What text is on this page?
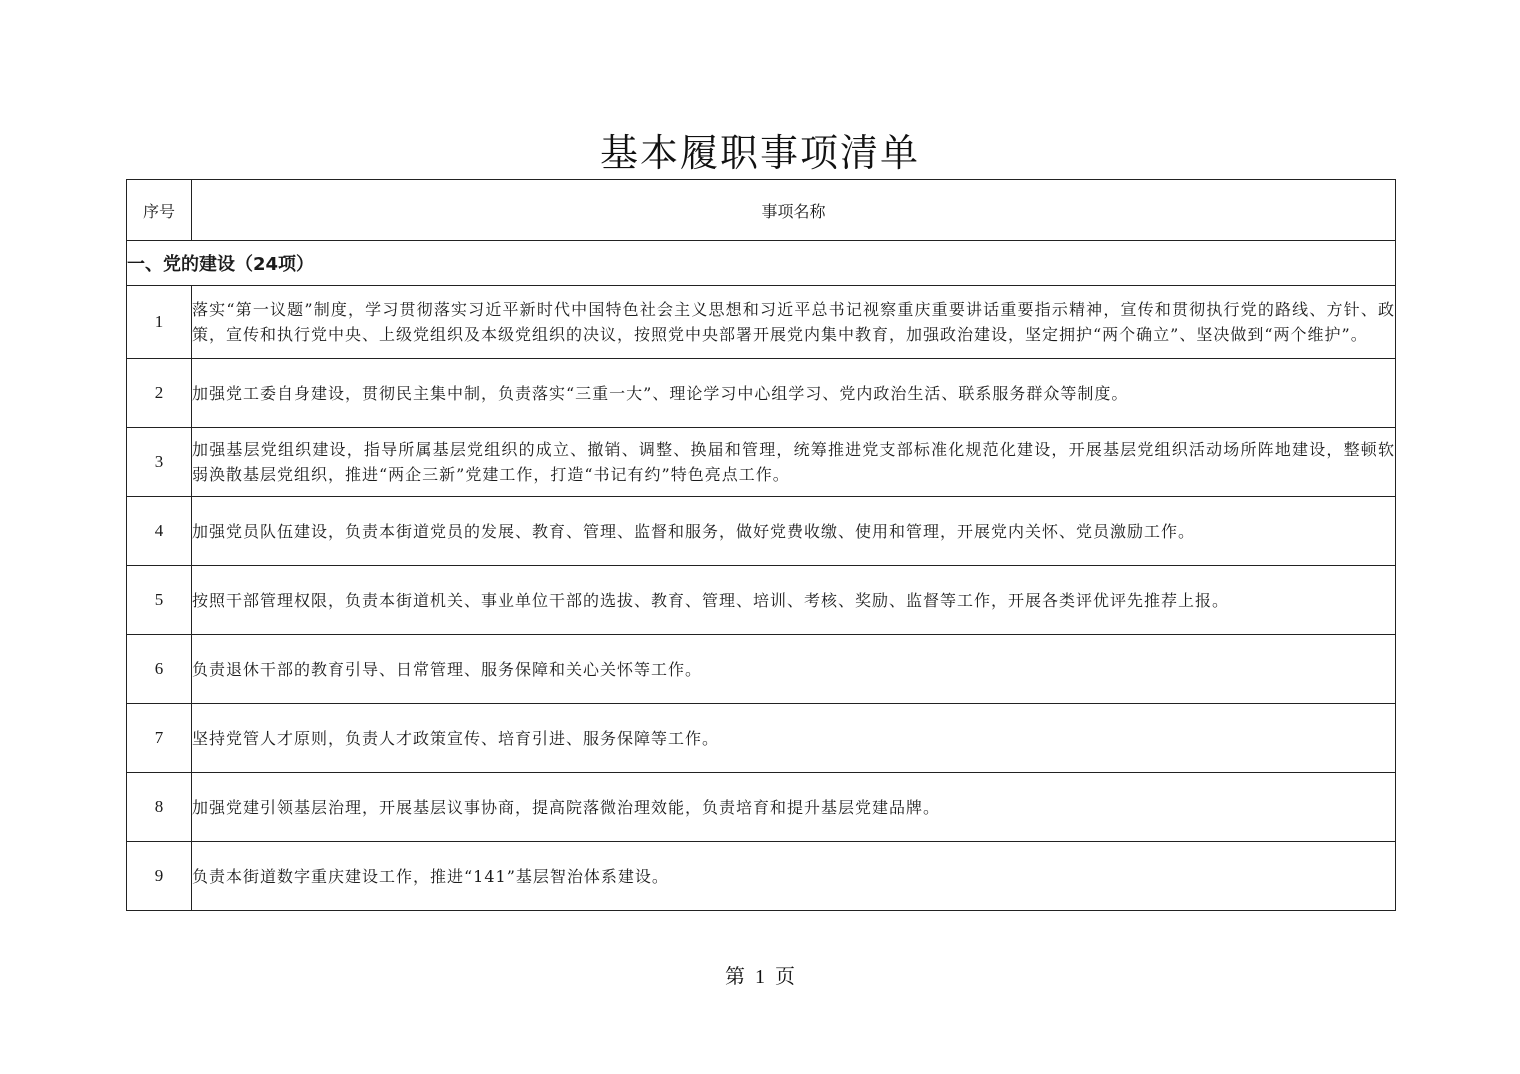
基本履职事项清单
序号	事项名称
一、党的建设（24项）	
1	落实“第一议题”制度，学习贯彻落实习近平新时代中国特色社会主义思想和习近平总书记视察重庆重要讲话重要指示精神，宣传和贯彻执行党的路线、方针、政策，宣传和执行党中央、上级党组织及本级党组织的决议，按照党中央部署开展党内集中教育，加强政治建设，坚定拥护“两个确立”、坚决做到“两个维护”。
2	加强党工委自身建设，贯彻民主集中制，负责落实“三重一大”、理论学习中心组学习、党内政治生活、联系服务群众等制度。
3	加强基层党组织建设，指导所属基层党组织的成立、撤销、调整、换届和管理，统筹推进党支部标准化规范化建设，开展基层党组织活动场所阵地建设，整顿软弱涣散基层党组织，推进“两企三新”党建工作，打造“书记有约”特色亮点工作。
4	加强党员队伍建设，负责本街道党员的发展、教育、管理、监督和服务，做好党费收缴、使用和管理，开展党内关怀、党员激励工作。
5	按照干部管理权限，负责本街道机关、事业单位干部的选拔、教育、管理、培训、考核、奖励、监督等工作，开展各类评优评先推荐上报。
6	负责退休干部的教育引导、日常管理、服务保障和关心关怀等工作。
7	坚持党管人才原则，负责人才政策宣传、培育引进、服务保障等工作。
8	加强党建引领基层治理，开展基层议事协商，提高院落微治理效能，负责培育和提升基层党建品牌。
9	负责本街道数字重庆建设工作，推进“141”基层智治体系建设。
第 1 页
